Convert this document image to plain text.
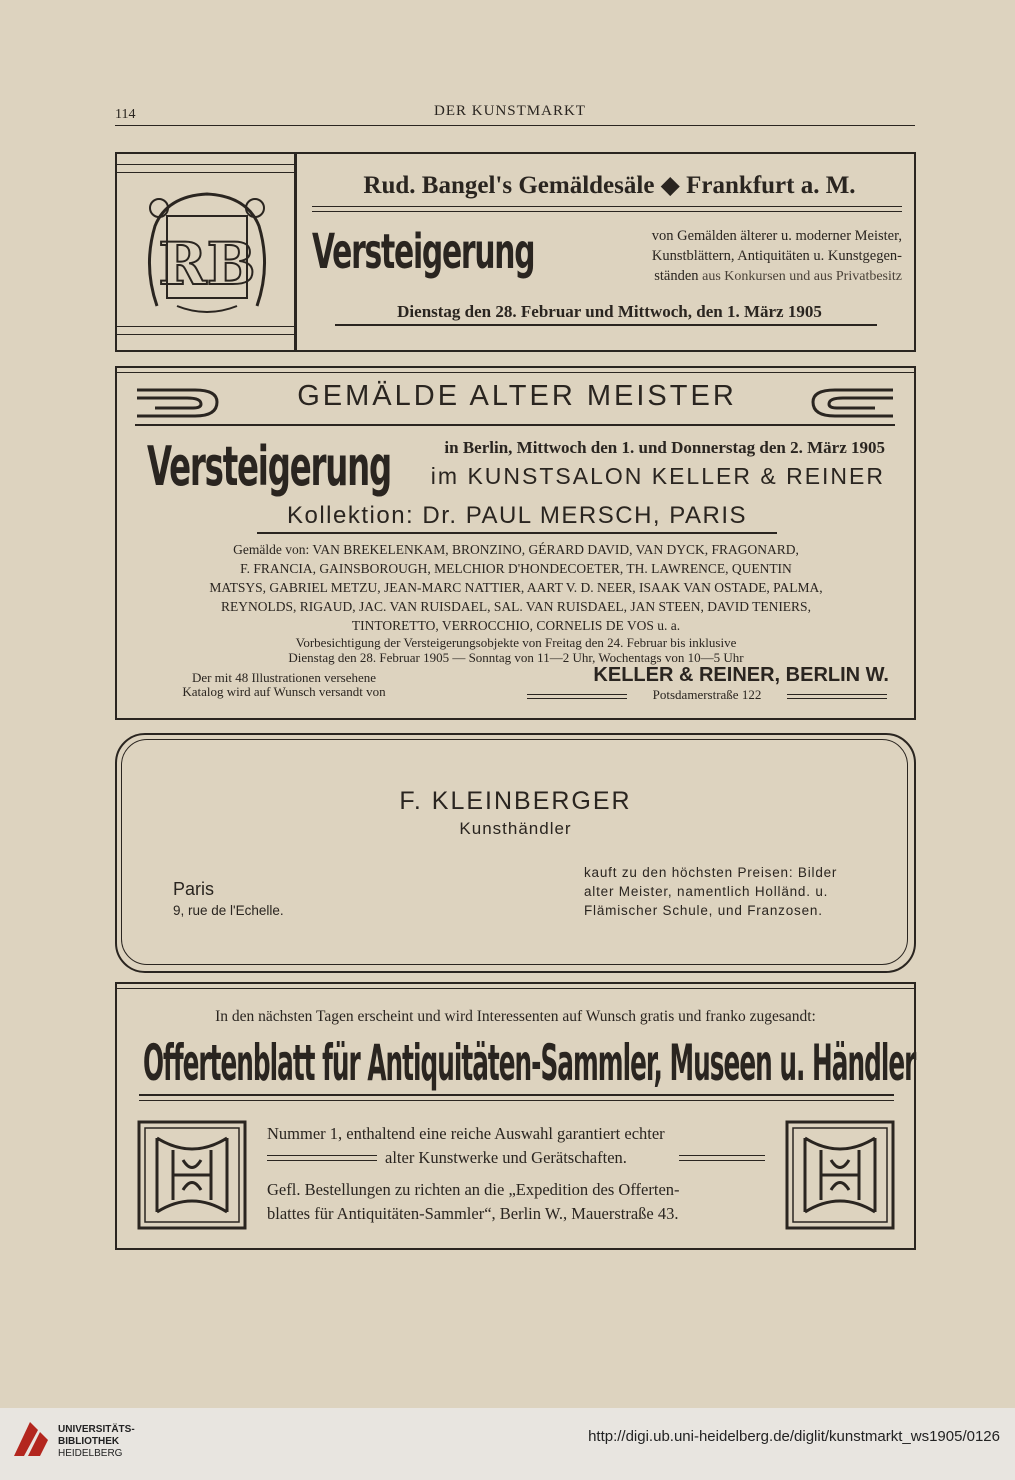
114	DER KUNSTMARKT
RB
Rud. Bangel's Gemäldesäle ◆ Frankfurt a. M.
Versteigerung	von Gemälden älterer u. moderner Meister,
Kunstblättern, Antiquitäten u. Kunstgegen-
ständen aus Konkursen und aus Privatbesitz
Dienstag den 28. Februar und Mittwoch, den 1. März 1905
GEMÄLDE ALTER MEISTER
Versteigerung	in Berlin, Mittwoch den 1. und Donnerstag den 2. März 1905
im KUNSTSALON KELLER & REINER
Kollektion: Dr. PAUL MERSCH, PARIS
Gemälde von: VAN BREKELENKAM, BRONZINO, GÉRARD DAVID, VAN DYCK, FRAGONARD,
F. FRANCIA, GAINSBOROUGH, MELCHIOR D'HONDECOETER, TH. LAWRENCE, QUENTIN
MATSYS, GABRIEL METZU, JEAN-MARC NATTIER, AART V. D. NEER, ISAAK VAN OSTADE, PALMA,
REYNOLDS, RIGAUD, JAC. VAN RUISDAEL, SAL. VAN RUISDAEL, JAN STEEN, DAVID TENIERS,
TINTORETTO, VERROCCHIO, CORNELIS DE VOS u. a.
Vorbesichtigung der Versteigerungsobjekte von Freitag den 24. Februar bis inklusive
Dienstag den 28. Februar 1905 — Sonntag von 11—2 Uhr, Wochentags von 10—5 Uhr
Der mit 48 Illustrationen versehene
Katalog wird auf Wunsch versandt von
KELLER & REINER, BERLIN W.
Potsdamerstraße 122
F. KLEINBERGER
Kunsthändler
Paris
9, rue de l'Echelle.
kauft zu den höchsten Preisen: Bilder
alter Meister, namentlich Holländ. u.
Flämischer Schule, und Franzosen.
In den nächsten Tagen erscheint und wird Interessenten auf Wunsch gratis und franko zugesandt:
Offertenblatt für Antiquitäten-Sammler, Museen u. Händler
Nummer 1, enthaltend eine reiche Auswahl garantiert echter
alter Kunstwerke und Gerätschaften.
Gefl. Bestellungen zu richten an die „Expedition des Offerten-
blattes für Antiquitäten-Sammler“, Berlin W., Mauerstraße 43.
UNIVERSITÄTS-
BIBLIOTHEK
HEIDELBERG
http://digi.ub.uni-heidelberg.de/diglit/kunstmarkt_ws1905/0126
